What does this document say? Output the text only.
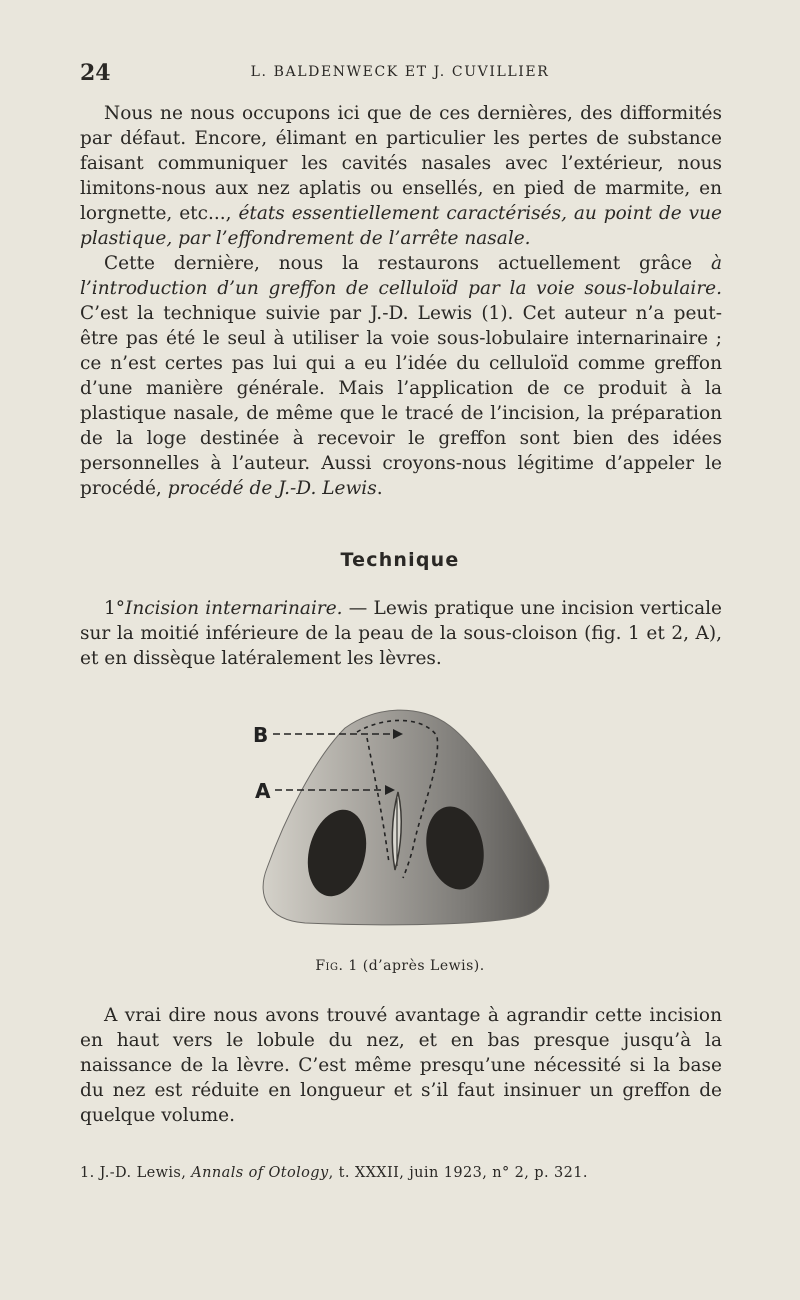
24	L. BALDENWECK ET J. CUVILLIER

Nous ne nous occupons ici que de ces dernières, des difformités par défaut. Encore, élimant en particulier les pertes de substance faisant communiquer les cavités nasales avec l’extérieur, nous limitons-nous aux nez aplatis ou ensellés, en pied de marmite, en lorgnette, etc..., états essentiellement caractérisés, au point de vue plastique, par l’effondrement de l’arrête nasale.

Cette dernière, nous la restaurons actuellement grâce à l’introduction d’un greffon de celluloïd par la voie sous-lobulaire. C’est la technique suivie par J.-D. Lewis (1). Cet auteur n’a peut-être pas été le seul à utiliser la voie sous-lobulaire internarinaire ; ce n’est certes pas lui qui a eu l’idée du celluloïd comme greffon d’une manière générale. Mais l’application de ce produit à la plastique nasale, de même que le tracé de l’incision, la préparation de la loge destinée à recevoir le greffon sont bien des idées personnelles à l’auteur. Aussi croyons-nous légitime d’appeler le procédé, procédé de J.-D. Lewis.

Technique

1°Incision internarinaire. — Lewis pratique une incision verticale sur la moitié inférieure de la peau de la sous-cloison (fig. 1 et 2, A), et en dissèque latéralement les lèvres.

B
A
Fig. 1 (d’après Lewis).

A vrai dire nous avons trouvé avantage à agrandir cette incision en haut vers le lobule du nez, et en bas presque jusqu’à la naissance de la lèvre. C’est même presqu’une nécessité si la base du nez est réduite en longueur et s’il faut insinuer un greffon de quelque volume.

1. J.-D. Lewis, Annals of Otology, t. XXXII, juin 1923, n° 2, p. 321.
